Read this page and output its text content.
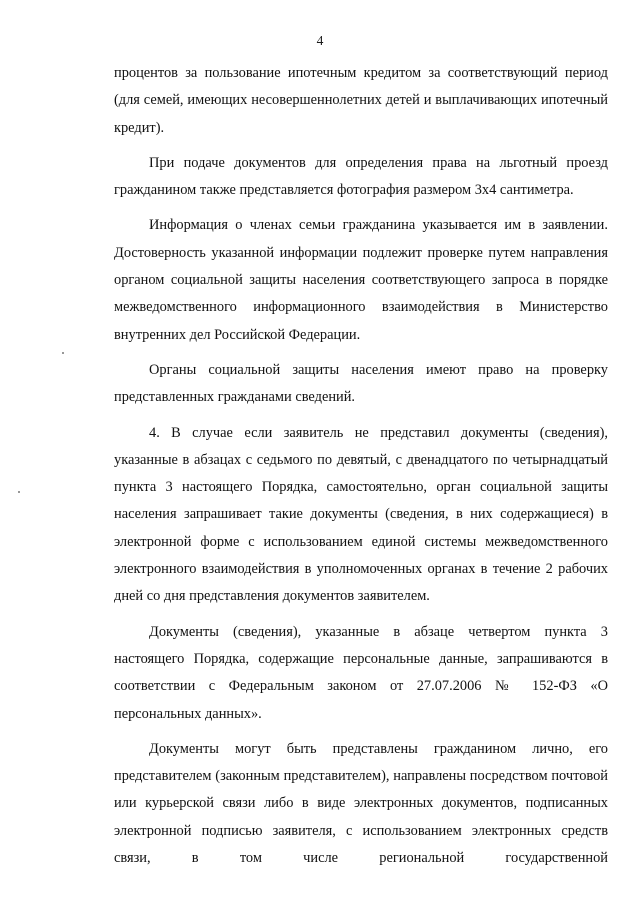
4

процентов за пользование ипотечным кредитом за соответствующий период (для семей, имеющих несовершеннолетних детей и выплачивающих ипотечный кредит).

При подаче документов для определения права на льготный проезд гражданином также представляется фотография размером 3х4 сантиметра.

Информация о членах семьи гражданина указывается им в заявлении. Достоверность указанной информации подлежит проверке путем направления органом социальной защиты населения соответствующего запроса в порядке межведомственного информационного взаимодействия в Министерство внутренних дел Российской Федерации.

Органы социальной защиты населения имеют право на проверку представленных гражданами сведений.

4. В случае если заявитель не представил документы (сведения), указанные в абзацах с седьмого по девятый, с двенадцатого по четырнадцатый пункта 3 настоящего Порядка, самостоятельно, орган социальной защиты населения запрашивает такие документы (сведения, в них содержащиеся) в электронной форме с использованием единой системы межведомственного электронного взаимодействия в уполномоченных органах в течение 2 рабочих дней со дня представления документов заявителем.

Документы (сведения), указанные в абзаце четвертом пункта 3 настоящего Порядка, содержащие персональные данные, запрашиваются в соответствии с Федеральным законом от 27.07.2006 № 152-ФЗ «О персональных данных».

Документы могут быть представлены гражданином лично, его представителем (законным представителем), направлены посредством почтовой или курьерской связи либо в виде электронных документов, подписанных электронной подписью заявителя, с использованием электронных средств связи, в том числе региональной государственной
